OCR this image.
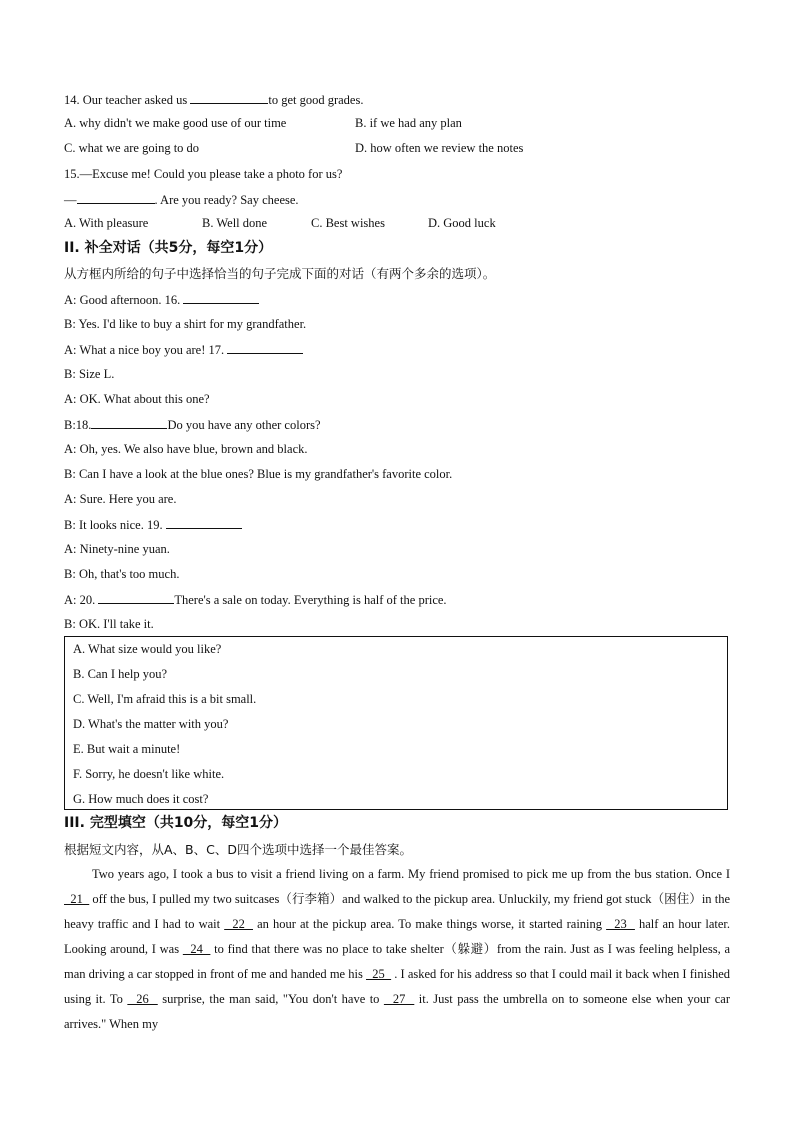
14. Our teacher asked us	to get good grades.
A. why didn't we make good use of our time	B. if we had any plan
C. what we are going to do	D. how often we review the notes
15.—Excuse me! Could you please take a photo for us?
—	. Are you ready? Say cheese.
A. With pleasure	B. Well done	C. Best wishes	D. Good luck
II. 补全对话（共5分，每空1分）
从方框内所给的句子中选择恰当的句子完成下面的对话（有两个多余的选项）。
A: Good afternoon. 16.
B: Yes. I'd like to buy a shirt for my grandfather.
A: What a nice boy you are! 17.
B: Size L.
A: OK. What about this one?
B:18.	Do you have any other colors?
A: Oh, yes. We also have blue, brown and black.
B: Can I have a look at the blue ones? Blue is my grandfather's favorite color.
A: Sure. Here you are.
B: It looks nice. 19.
A: Ninety-nine yuan.
B: Oh, that's too much.
A: 20.	There's a sale on today. Everything is half of the price.
B: OK. I'll take it.
A. What size would you like?
B. Can I help you?
C. Well, I'm afraid this is a bit small.
D. What's the matter with you?
E. But wait a minute!
F. Sorry, he doesn't like white.
G. How much does it cost?
III. 完型填空（共10分，每空1分）
根据短文内容，从A、B、C、D四个选项中选择一个最佳答案。

Two years ago, I took a bus to visit a friend living on a farm. My friend promised to pick me up from the bus station. Once I   21   off the bus, I pulled my two suitcases（行李箱）and walked to the pickup area. Unluckily, my friend got stuck（困住）in the heavy traffic and I had to wait   22   an hour at the pickup area. To make things worse, it started raining   23   half an hour later. Looking around, I was   24   to find that there was no place to take shelter（躲避）from the rain. Just as I was feeling helpless, a man driving a car stopped in front of me and handed me his   25   . I asked for his address so that I could mail it back when I finished using it. To   26   surprise, the man said, "You don't have to   27   it. Just pass the umbrella on to someone else when your car arrives." When my
